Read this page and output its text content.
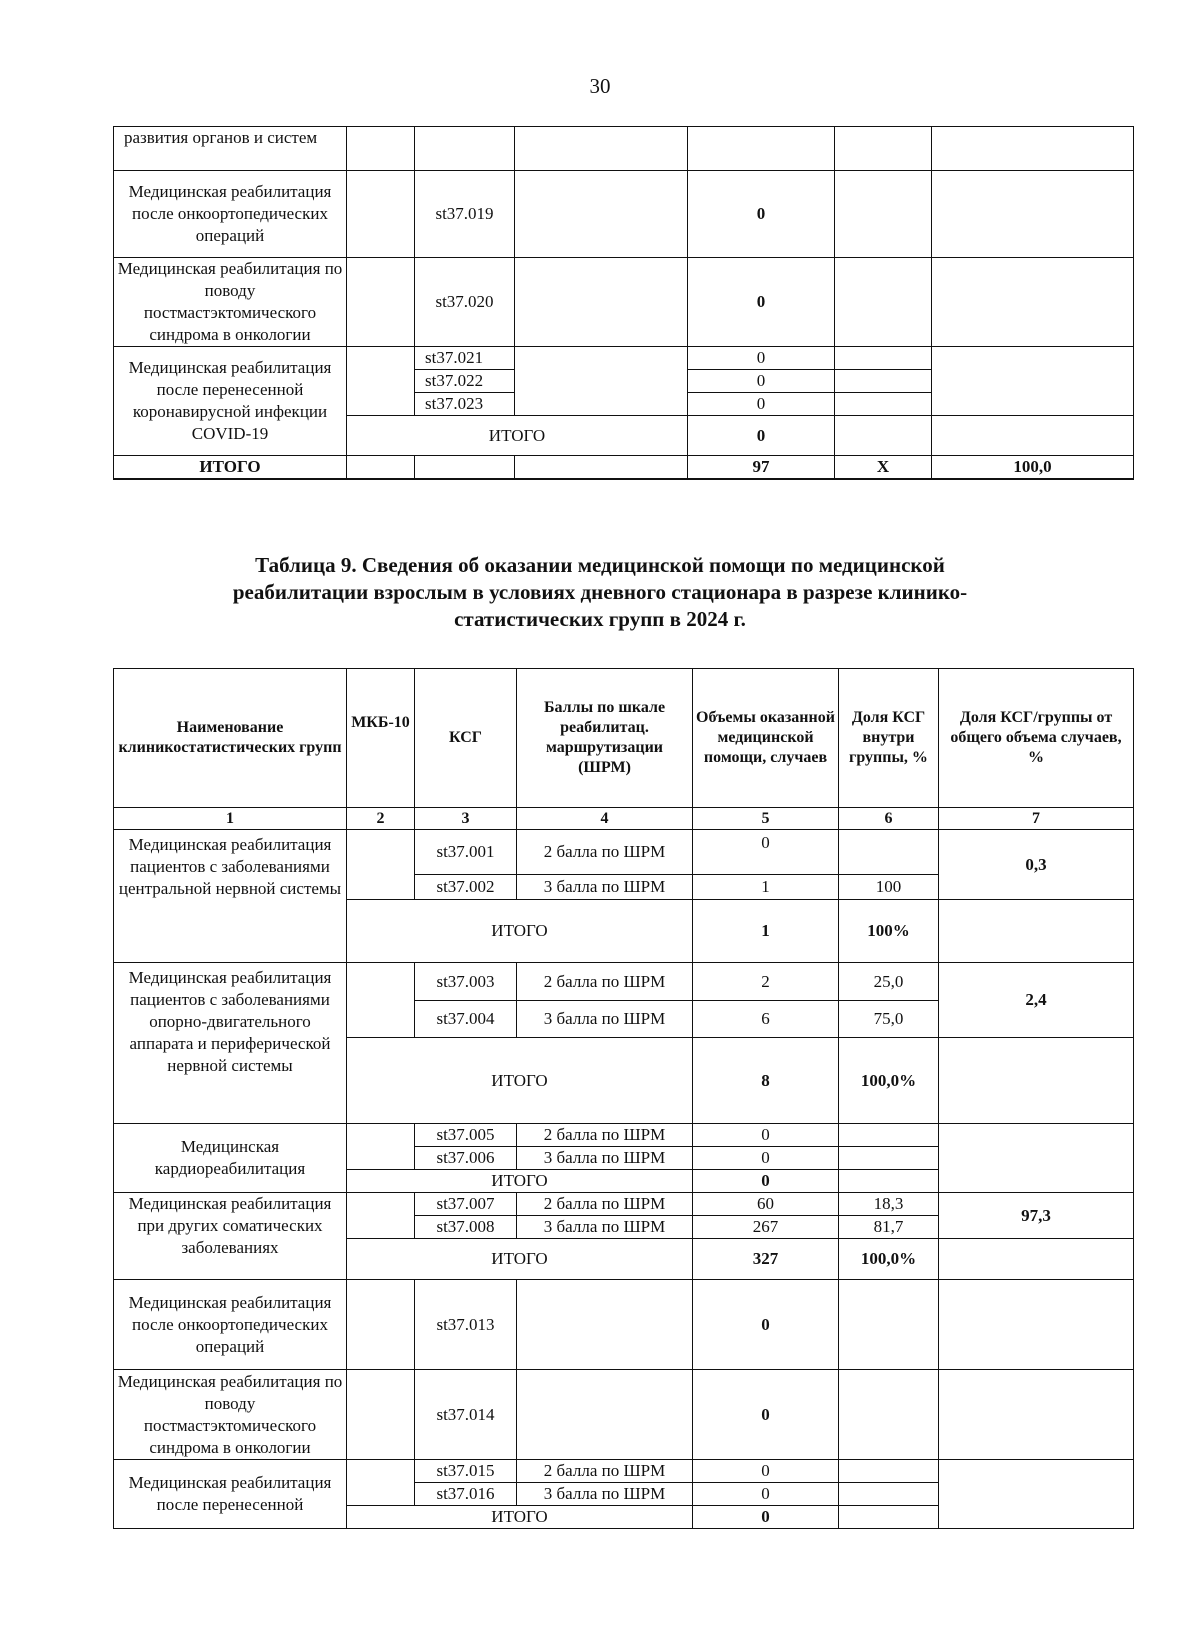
30
развития органов и систем						
Медицинская реабилитация после онкоортопедических операций		st37.019		0		
Медицинская реабилитация по поводу постмастэктомического синдрома в онкологии		st37.020		0		
Медицинская реабилитация после перенесенной коронавирусной инфекции COVID-19		st37.021		0		
		st37.022		0		
		st37.023		0		
	ИТОГО			0		
ИТОГО				97	Х	100,0
Таблица 9. Сведения об оказании медицинской помощи по медицинской
реабилитации взрослым в условиях дневного стационара в разрезе клинико-
статистических групп в 2024 г.
Наименование клиникостатистических групп	МКБ-10	КСГ	Баллы по шкале реабилитац. маршрутизации (ШРМ)	Объемы оказанной медицинской помощи, случаев	Доля КСГ внутри группы, %	Доля КСГ/группы от общего объема случаев, %
1	2	3	4	5	6	7
Медицинская реабилитация пациентов с заболеваниями центральной нервной системы		st37.001	2 балла по ШРМ	0		0,3
		st37.002	3 балла по ШРМ	1	100	
	ИТОГО			1	100%	
Медицинская реабилитация пациентов с заболеваниями опорно-двигательного аппарата и периферической нервной системы		st37.003	2 балла по ШРМ	2	25,0	2,4
		st37.004	3 балла по ШРМ	6	75,0	
	ИТОГО			8	100,0%	
Медицинская кардиореабилитация		st37.005	2 балла по ШРМ	0		
		st37.006	3 балла по ШРМ	0		
	ИТОГО			0		
Медицинская реабилитация при других соматических заболеваниях		st37.007	2 балла по ШРМ	60	18,3	97,3
		st37.008	3 балла по ШРМ	267	81,7	
	ИТОГО			327	100,0%	
Медицинская реабилитация после онкоортопедических операций		st37.013		0		
Медицинская реабилитация по поводу постмастэктомического синдрома в онкологии		st37.014		0		
Медицинская реабилитация после перенесенной		st37.015	2 балла по ШРМ	0		
		st37.016	3 балла по ШРМ	0		
	ИТОГО			0		
